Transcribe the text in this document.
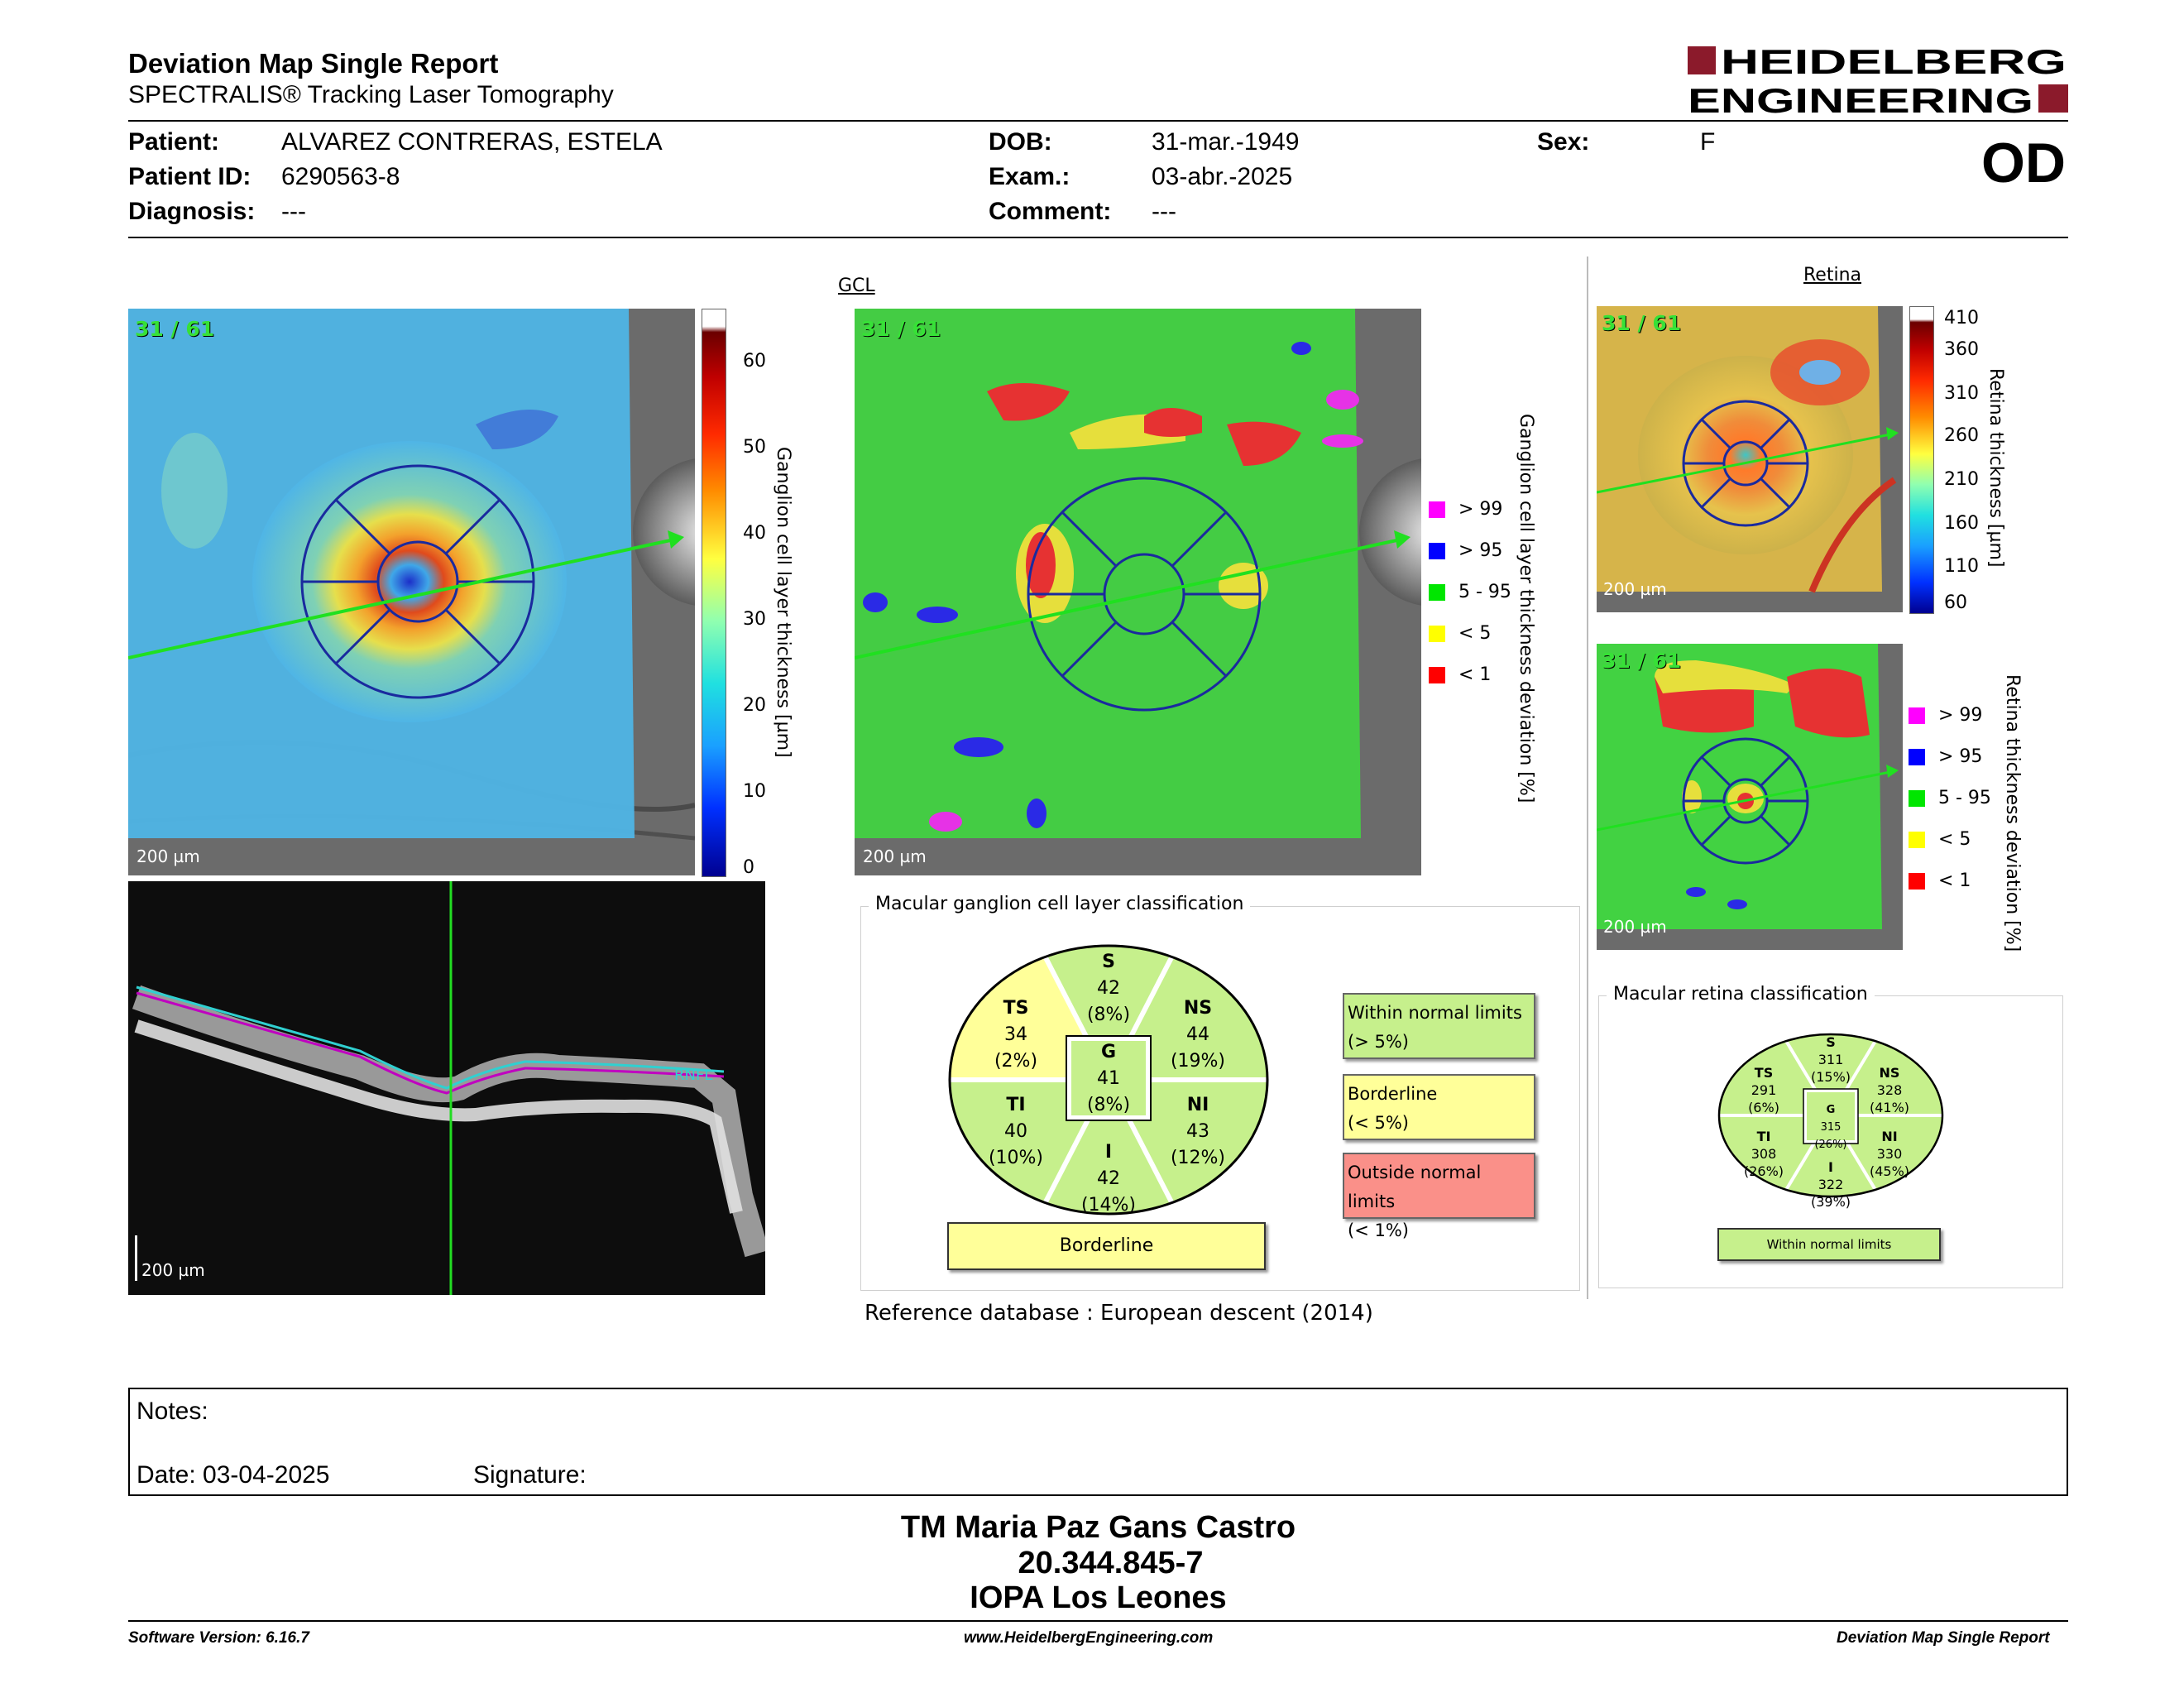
Deviation Map Single Report
SPECTRALIS® Tracking Laser Tomography
HEIDELBERG
ENGINEERING
Patient: ALVAREZ CONTRERAS, ESTELA
Patient ID: 6290563-8
Diagnosis: ---
DOB:	31-mar.-1949
Exam.:	03-abr.-2025
Comment: ---
Sex:	F	OD
31 / 61
200 µm
60
50
40
30
20
10
0
Ganglion cell layer thickness [µm]
RNFL
200 µm
GCL
31 / 61
200 µm
> 99
> 95
5 - 95
< 5
< 1 Ganglion cell layer thickness deviation [%]
Macular ganglion cell layer classification
S
42
(8%)
TS
34
(2%)
NS
44
(19%)
G
41
(8%)
TI
40
(10%)
NI
43
(12%)
I
42
(14%)
Borderline
Within normal limits
(> 5%)
Borderline
(< 5%)
Outside normal limits
(< 1%)
Reference database : European descent (2014)
Retina
31 / 61
200 µm
410
360
310
260
210
160
110
60
Retina thickness [µm]
31 / 61
200 µm
> 99
> 95
5 - 95
< 5
< 1 Retina thickness deviation [%]
Macular retina classification
S
311
(15%)
TS
291
(6%)
NS
328
(41%)
G
315
(26%)
TI
308
(26%)
NI
330
(45%)
I
322
(39%)
Within normal limits
Notes:
Date: 03-04-2025	Signature:
TM Maria Paz Gans Castro
20.344.845-7
IOPA Los Leones
Software Version: 6.16.7	www.HeidelbergEngineering.com	Deviation Map Single Report
